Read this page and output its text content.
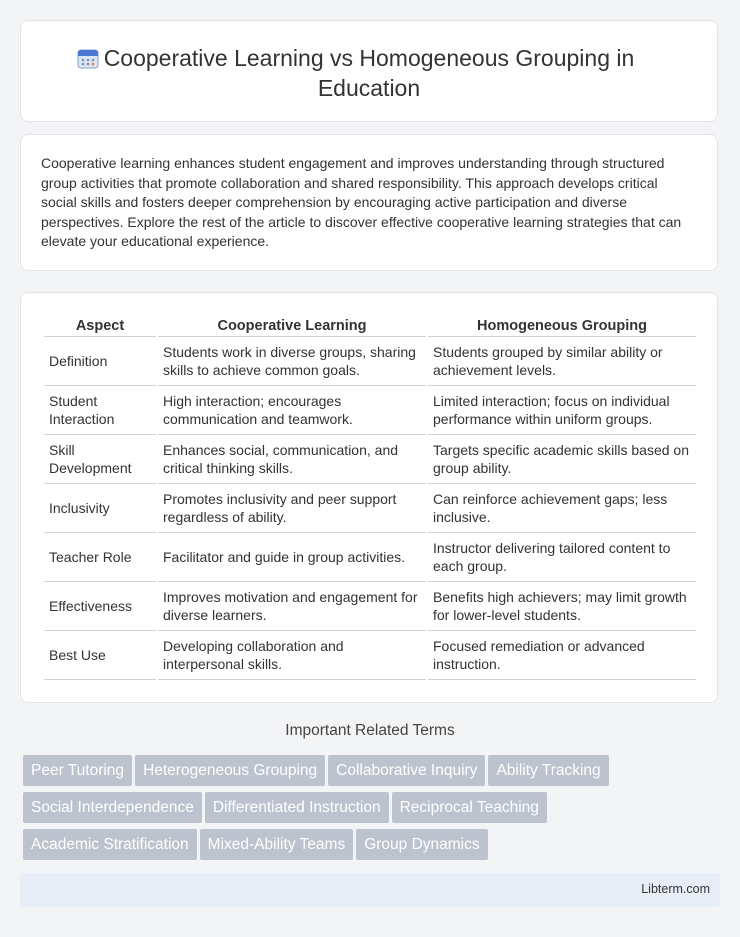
Cooperative Learning vs Homogeneous Grouping in Education

Cooperative learning enhances student engagement and improves understanding through structured group activities that promote collaboration and shared responsibility. This approach develops critical social skills and fosters deeper comprehension by encouraging active participation and diverse perspectives. Explore the rest of the article to discover effective cooperative learning strategies that can elevate your educational experience.

Aspect	Cooperative Learning	Homogeneous Grouping
Definition	Students work in diverse groups, sharing skills to achieve common goals.	Students grouped by similar ability or achievement levels.
Student Interaction	High interaction; encourages communication and teamwork.	Limited interaction; focus on individual performance within uniform groups.
Skill Development	Enhances social, communication, and critical thinking skills.	Targets specific academic skills based on group ability.
Inclusivity	Promotes inclusivity and peer support regardless of ability.	Can reinforce achievement gaps; less inclusive.
Teacher Role	Facilitator and guide in group activities.	Instructor delivering tailored content to each group.
Effectiveness	Improves motivation and engagement for diverse learners.	Benefits high achievers; may limit growth for lower-level students.
Best Use	Developing collaboration and interpersonal skills.	Focused remediation or advanced instruction.
Important Related Terms
Peer Tutoring Heterogeneous Grouping Collaborative Inquiry Ability Tracking
Social Interdependence Differentiated Instruction Reciprocal Teaching
Academic Stratification Mixed-Ability Teams Group Dynamics
Libterm.com
